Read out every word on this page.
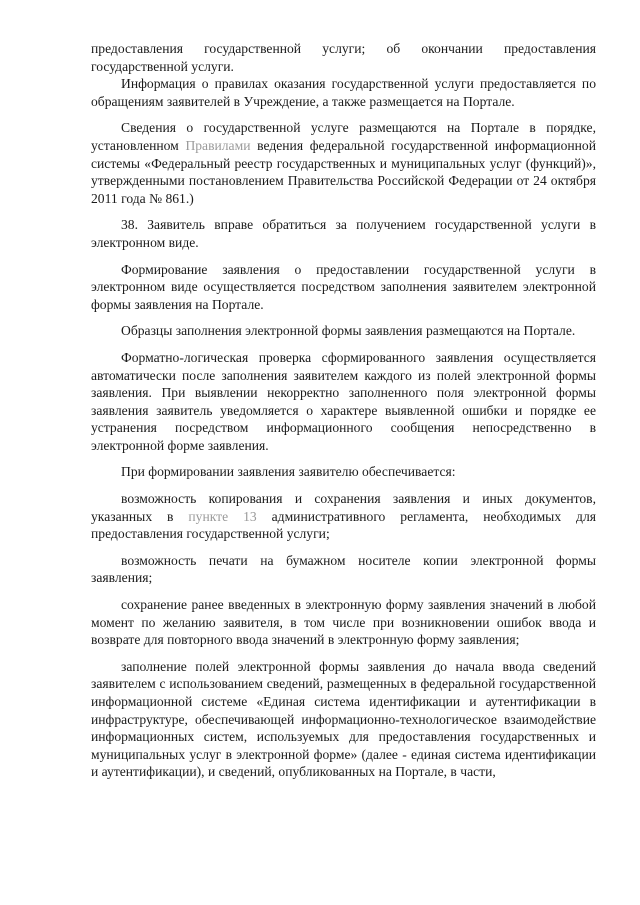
предоставления государственной услуги; об окончании предоставления государственной услуги.

Информация о правилах оказания государственной услуги предоставляется по обращениям заявителей в Учреждение, а также размещается на Портале.

Сведения о государственной услуге размещаются на Портале в порядке, установленном Правилами ведения федеральной государственной информационной системы «Федеральный реестр государственных и муниципальных услуг (функций)», утвержденными постановлением Правительства Российской Федерации от 24 октября 2011 года № 861.)

38. Заявитель вправе обратиться за получением государственной услуги в электронном виде.

Формирование заявления о предоставлении государственной услуги в электронном виде осуществляется посредством заполнения заявителем электронной формы заявления на Портале.

Образцы заполнения электронной формы заявления размещаются на Портале.

Форматно-логическая проверка сформированного заявления осуществляется автоматически после заполнения заявителем каждого из полей электронной формы заявления. При выявлении некорректно заполненного поля электронной формы заявления заявитель уведомляется о характере выявленной ошибки и порядке ее устранения посредством информационного сообщения непосредственно в электронной форме заявления.

При формировании заявления заявителю обеспечивается:

возможность копирования и сохранения заявления и иных документов, указанных в пункте 13 административного регламента, необходимых для предоставления государственной услуги;

возможность печати на бумажном носителе копии электронной формы заявления;

сохранение ранее введенных в электронную форму заявления значений в любой момент по желанию заявителя, в том числе при возникновении ошибок ввода и возврате для повторного ввода значений в электронную форму заявления;

заполнение полей электронной формы заявления до начала ввода сведений заявителем с использованием сведений, размещенных в федеральной государственной информационной системе «Единая система идентификации и аутентификации в инфраструктуре, обеспечивающей информационно-технологическое взаимодействие информационных систем, используемых для предоставления государственных и муниципальных услуг в электронной форме» (далее - единая система идентификации и аутентификации), и сведений, опубликованных на Портале, в части,
